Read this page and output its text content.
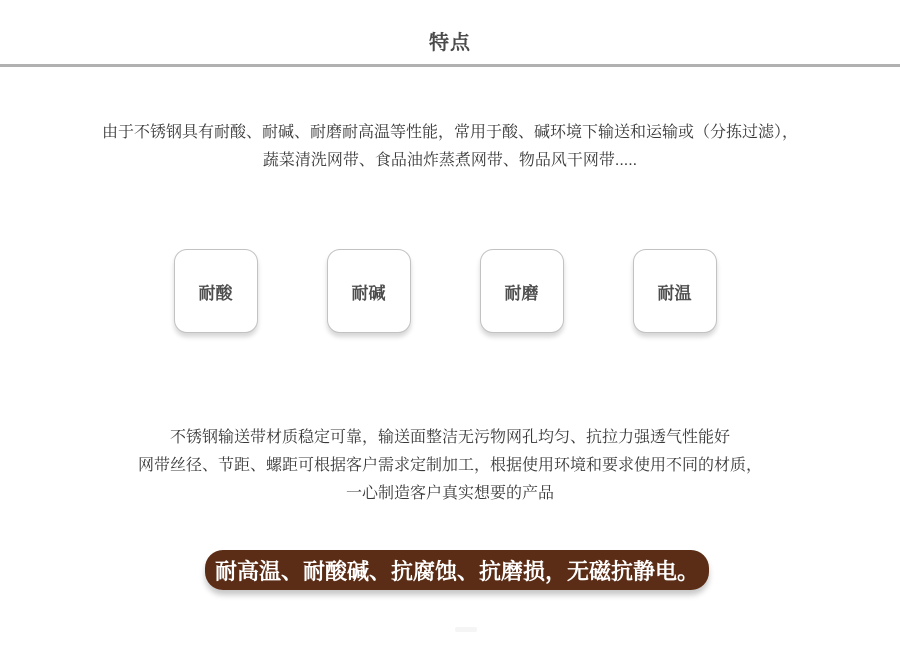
特点
由于不锈钢具有耐酸、耐碱、耐磨耐高温等性能，常用于酸、碱环境下输送和运输或（分拣过滤），
蔬菜清洗网带、食品油炸蒸煮网带、物品风干网带.....
耐酸	耐碱	耐磨	耐温
不锈钢输送带材质稳定可靠，输送面整洁无污物网孔均匀、抗拉力强透气性能好
网带丝径、节距、螺距可根据客户需求定制加工，根据使用环境和要求使用不同的材质，
一心制造客户真实想要的产品
耐高温、耐酸碱、抗腐蚀、抗磨损，无磁抗静电。
